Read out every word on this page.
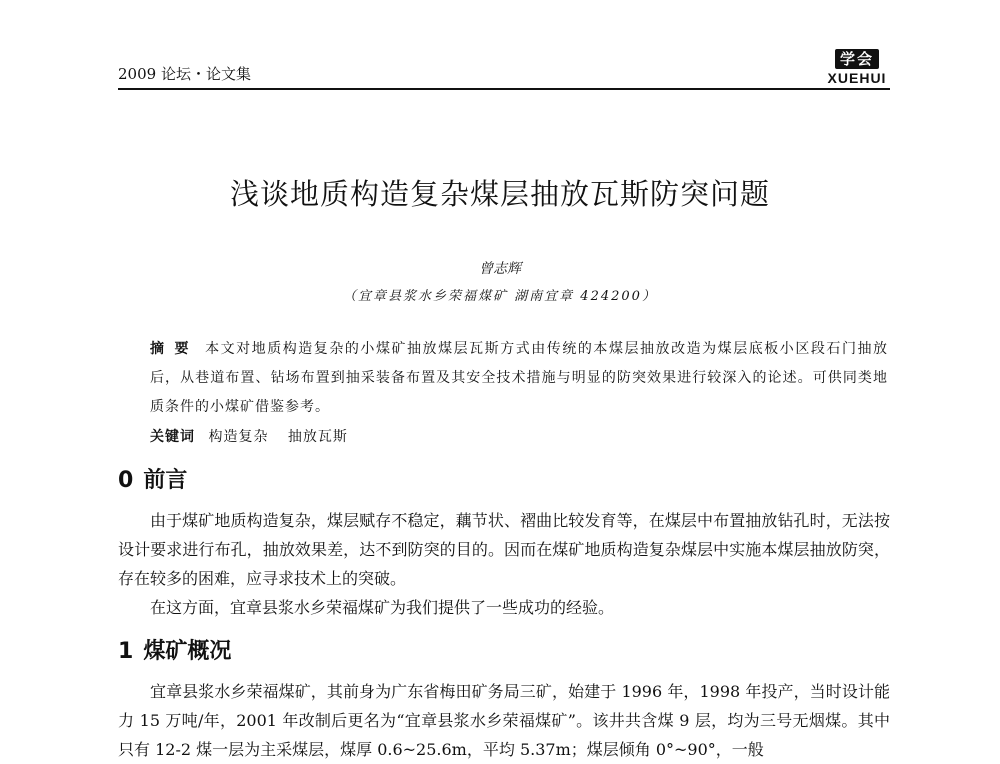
2009 论坛・论文集
学会
XUEHUI
浅谈地质构造复杂煤层抽放瓦斯防突问题
曾志辉
（宜章县浆水乡荣福煤矿 湖南宜章 424200）
摘要 本文对地质构造复杂的小煤矿抽放煤层瓦斯方式由传统的本煤层抽放改造为煤层底板小区段石门抽放后，从巷道布置、钻场布置到抽采装备布置及其安全技术措施与明显的防突效果进行较深入的论述。可供同类地质条件的小煤矿借鉴参考。
关键词 构造复杂 抽放瓦斯
0 前言

由于煤矿地质构造复杂，煤层赋存不稳定，藕节状、褶曲比较发育等，在煤层中布置抽放钻孔时，无法按设计要求进行布孔，抽放效果差，达不到防突的目的。因而在煤矿地质构造复杂煤层中实施本煤层抽放防突，存在较多的困难，应寻求技术上的突破。

在这方面，宜章县浆水乡荣福煤矿为我们提供了一些成功的经验。

1 煤矿概况

宜章县浆水乡荣福煤矿，其前身为广东省梅田矿务局三矿，始建于 1996 年，1998 年投产，当时设计能力 15 万吨/年，2001 年改制后更名为“宜章县浆水乡荣福煤矿”。该井共含煤 9 层，均为三号无烟煤。其中只有 12-2 煤一层为主采煤层，煤厚 0.6~25.6m，平均 5.37m；煤层倾角 0°~90°，一般
